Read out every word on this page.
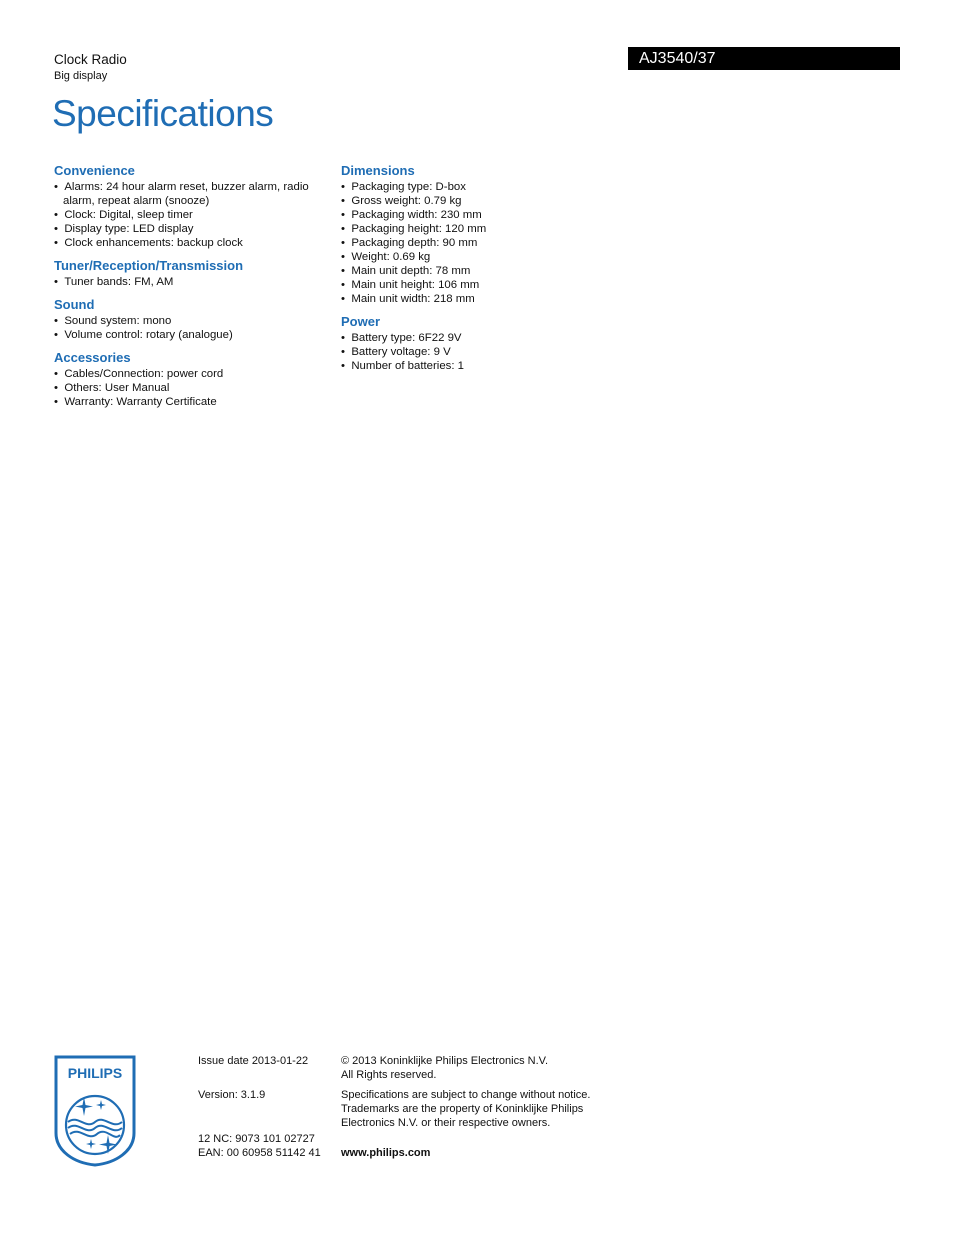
Clock Radio
Big display
AJ3540/37
Specifications
Convenience
•  Alarms: 24 hour alarm reset, buzzer alarm, radio alarm, repeat alarm (snooze)
•  Clock: Digital, sleep timer
•  Display type: LED display
•  Clock enhancements: backup clock
Tuner/Reception/Transmission
•  Tuner bands: FM, AM
Sound
•  Sound system: mono
•  Volume control: rotary (analogue)
Accessories
•  Cables/Connection: power cord
•  Others: User Manual
•  Warranty: Warranty Certificate
Dimensions
•  Packaging type: D-box
•  Gross weight: 0.79 kg
•  Packaging width: 230 mm
•  Packaging height: 120 mm
•  Packaging depth: 90 mm
•  Weight: 0.69 kg
•  Main unit depth: 78 mm
•  Main unit height: 106 mm
•  Main unit width: 218 mm
Power
•  Battery type: 6F22 9V
•  Battery voltage: 9 V
•  Number of batteries: 1
PHILIPS

Issue date 2013-01-22

Version: 3.1.9

12 NC: 9073 101 02727

EAN: 00 60958 51142 41

© 2013 Koninklijke Philips Electronics N.V.
All Rights reserved.

Specifications are subject to change without notice.
Trademarks are the property of Koninklijke Philips
Electronics N.V. or their respective owners.

www.philips.com
